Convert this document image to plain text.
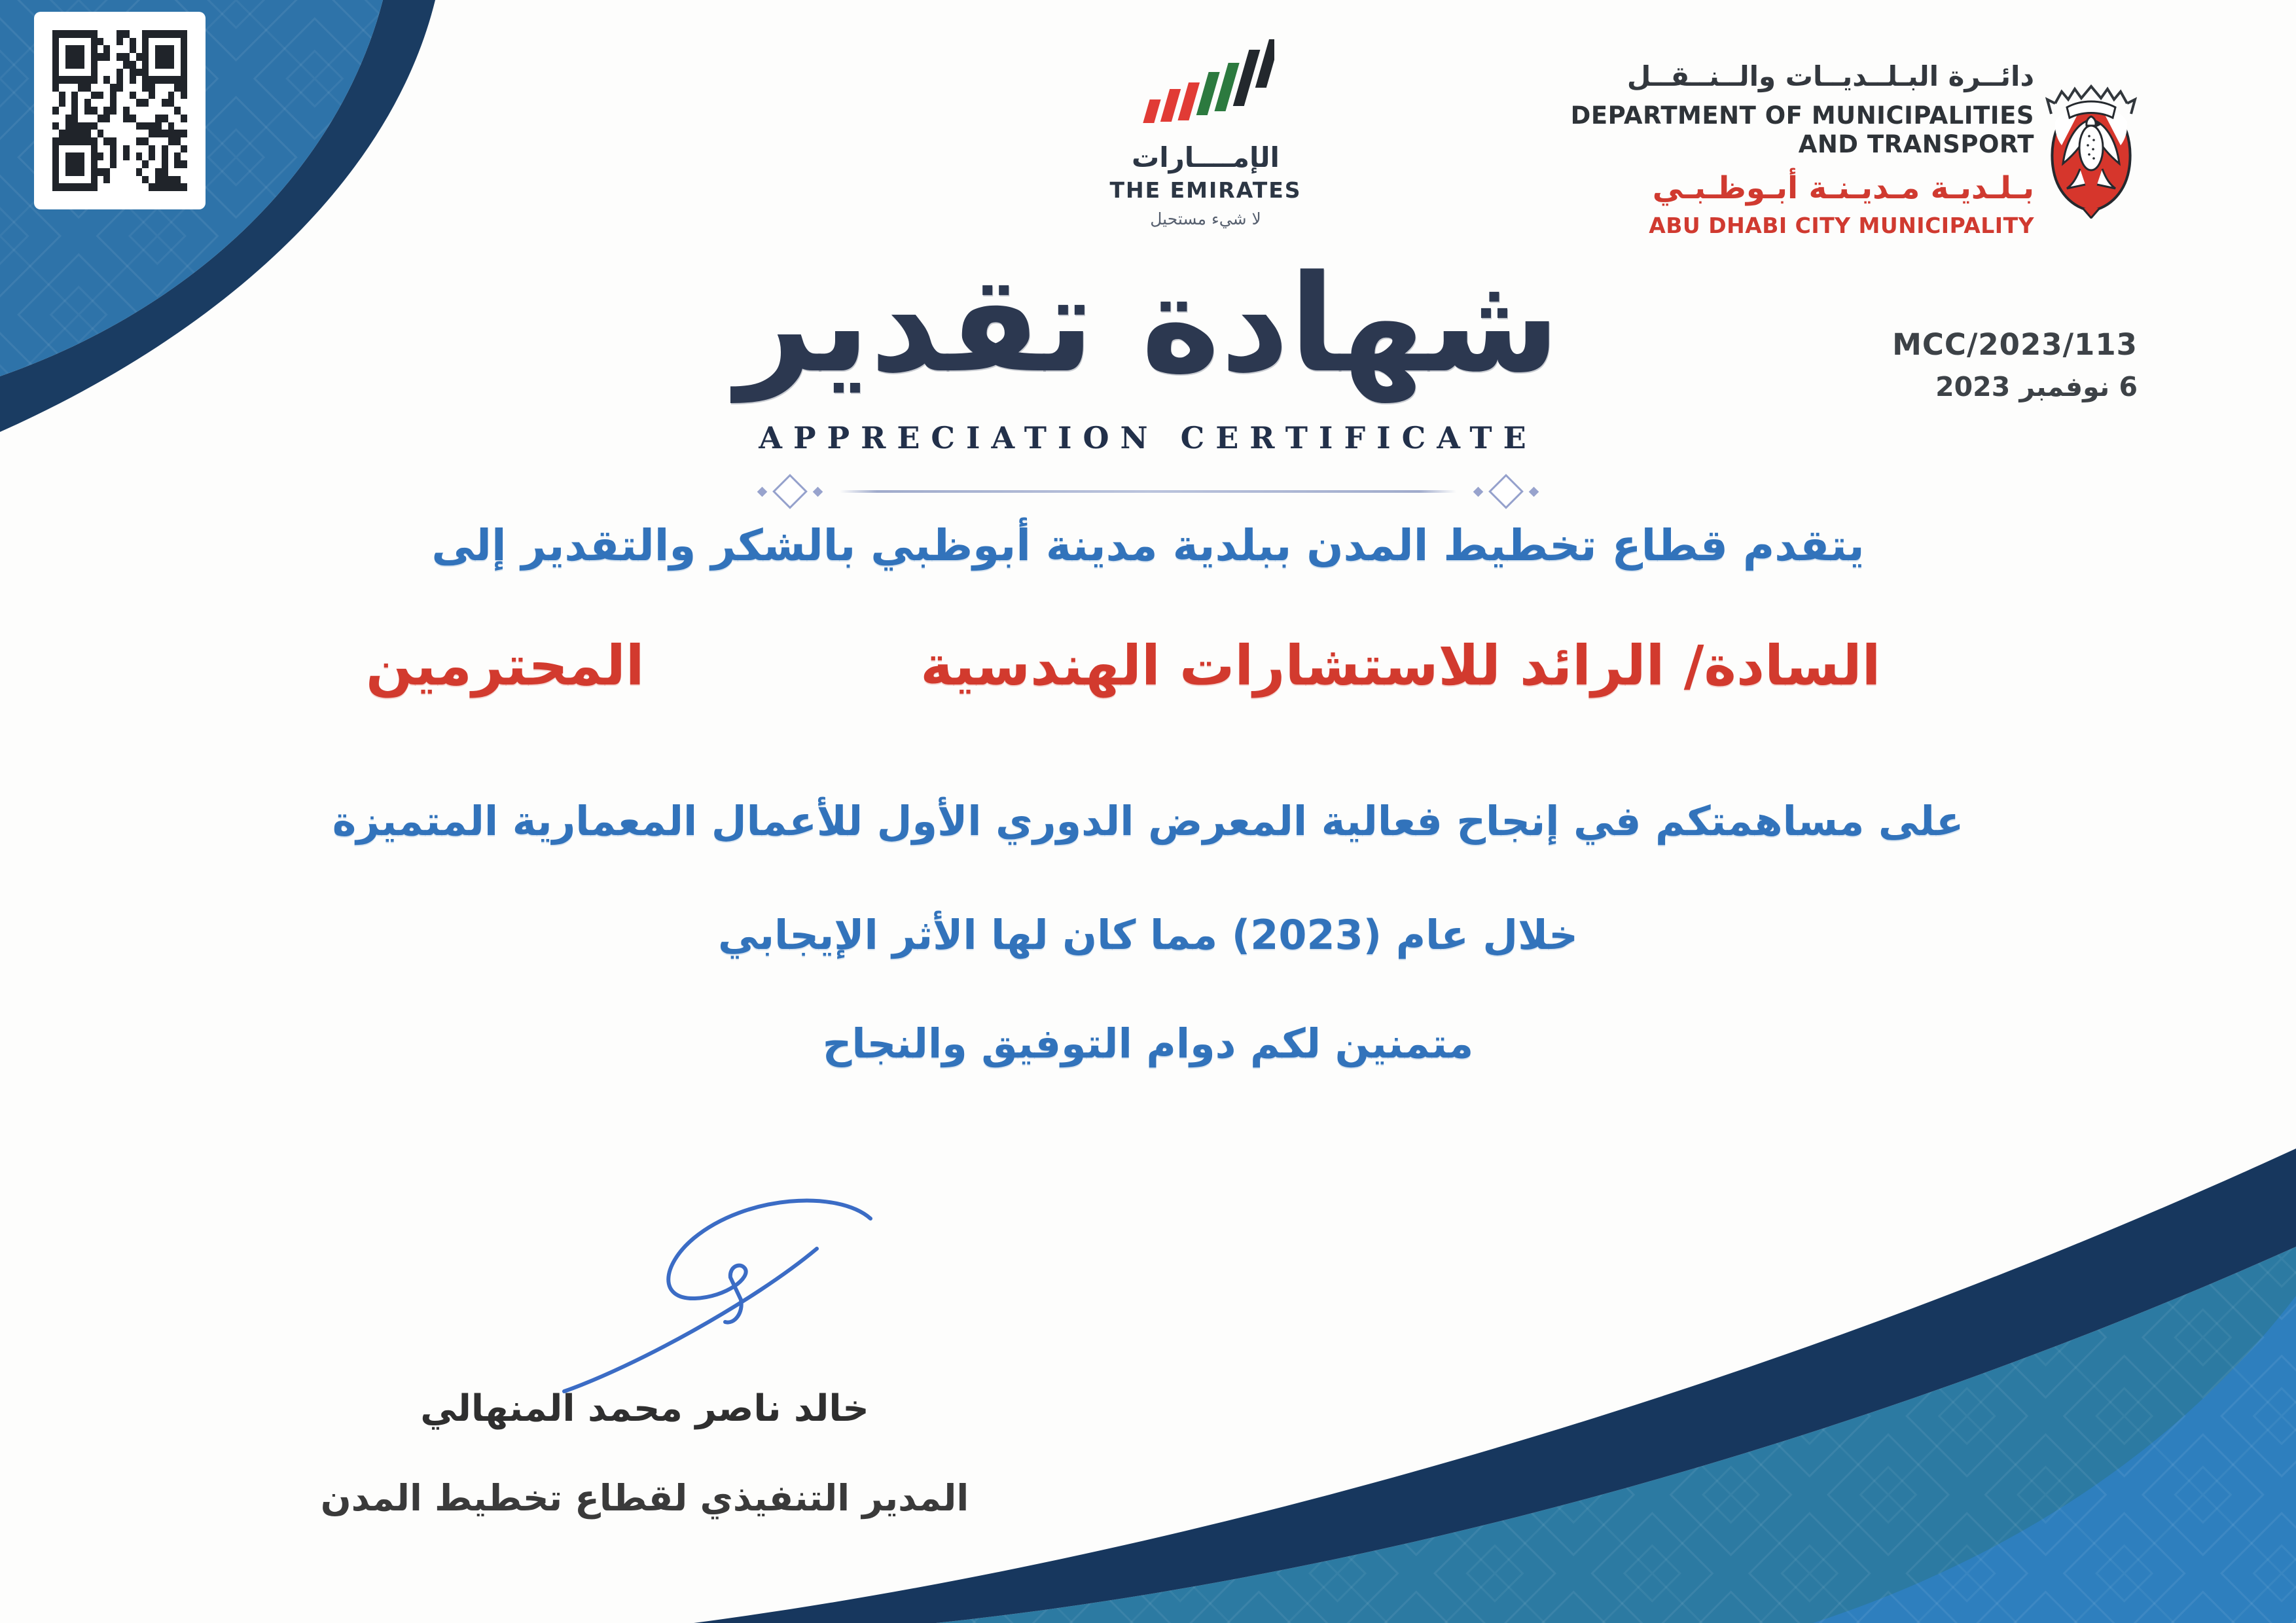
الإمــــارات
THE EMIRATES
لا شيء مستحيل
دائــرة البـلــديــات والــنــقــل
DEPARTMENT OF MUNICIPALITIES
AND TRANSPORT
بـلـديـة مـديـنـة أبـوظـبـي
ABU DHABI CITY MUNICIPALITY
MCC/2023/113
6 نوفمبر 2023
شهادة تقدير
APPRECIATION CERTIFICATE
يتقدم قطاع تخطيط المدن ببلدية مدينة أبوظبي بالشكر والتقدير إلى
السادة/ الرائد للاستشارات الهندسية
المحترمين
على مساهمتكم في إنجاح فعالية المعرض الدوري الأول للأعمال المعمارية المتميزة
خلال عام (2023) مما كان لها الأثر الإيجابي
متمنين لكم دوام التوفيق والنجاح
خالد ناصر محمد المنهالي
المدير التنفيذي لقطاع تخطيط المدن
